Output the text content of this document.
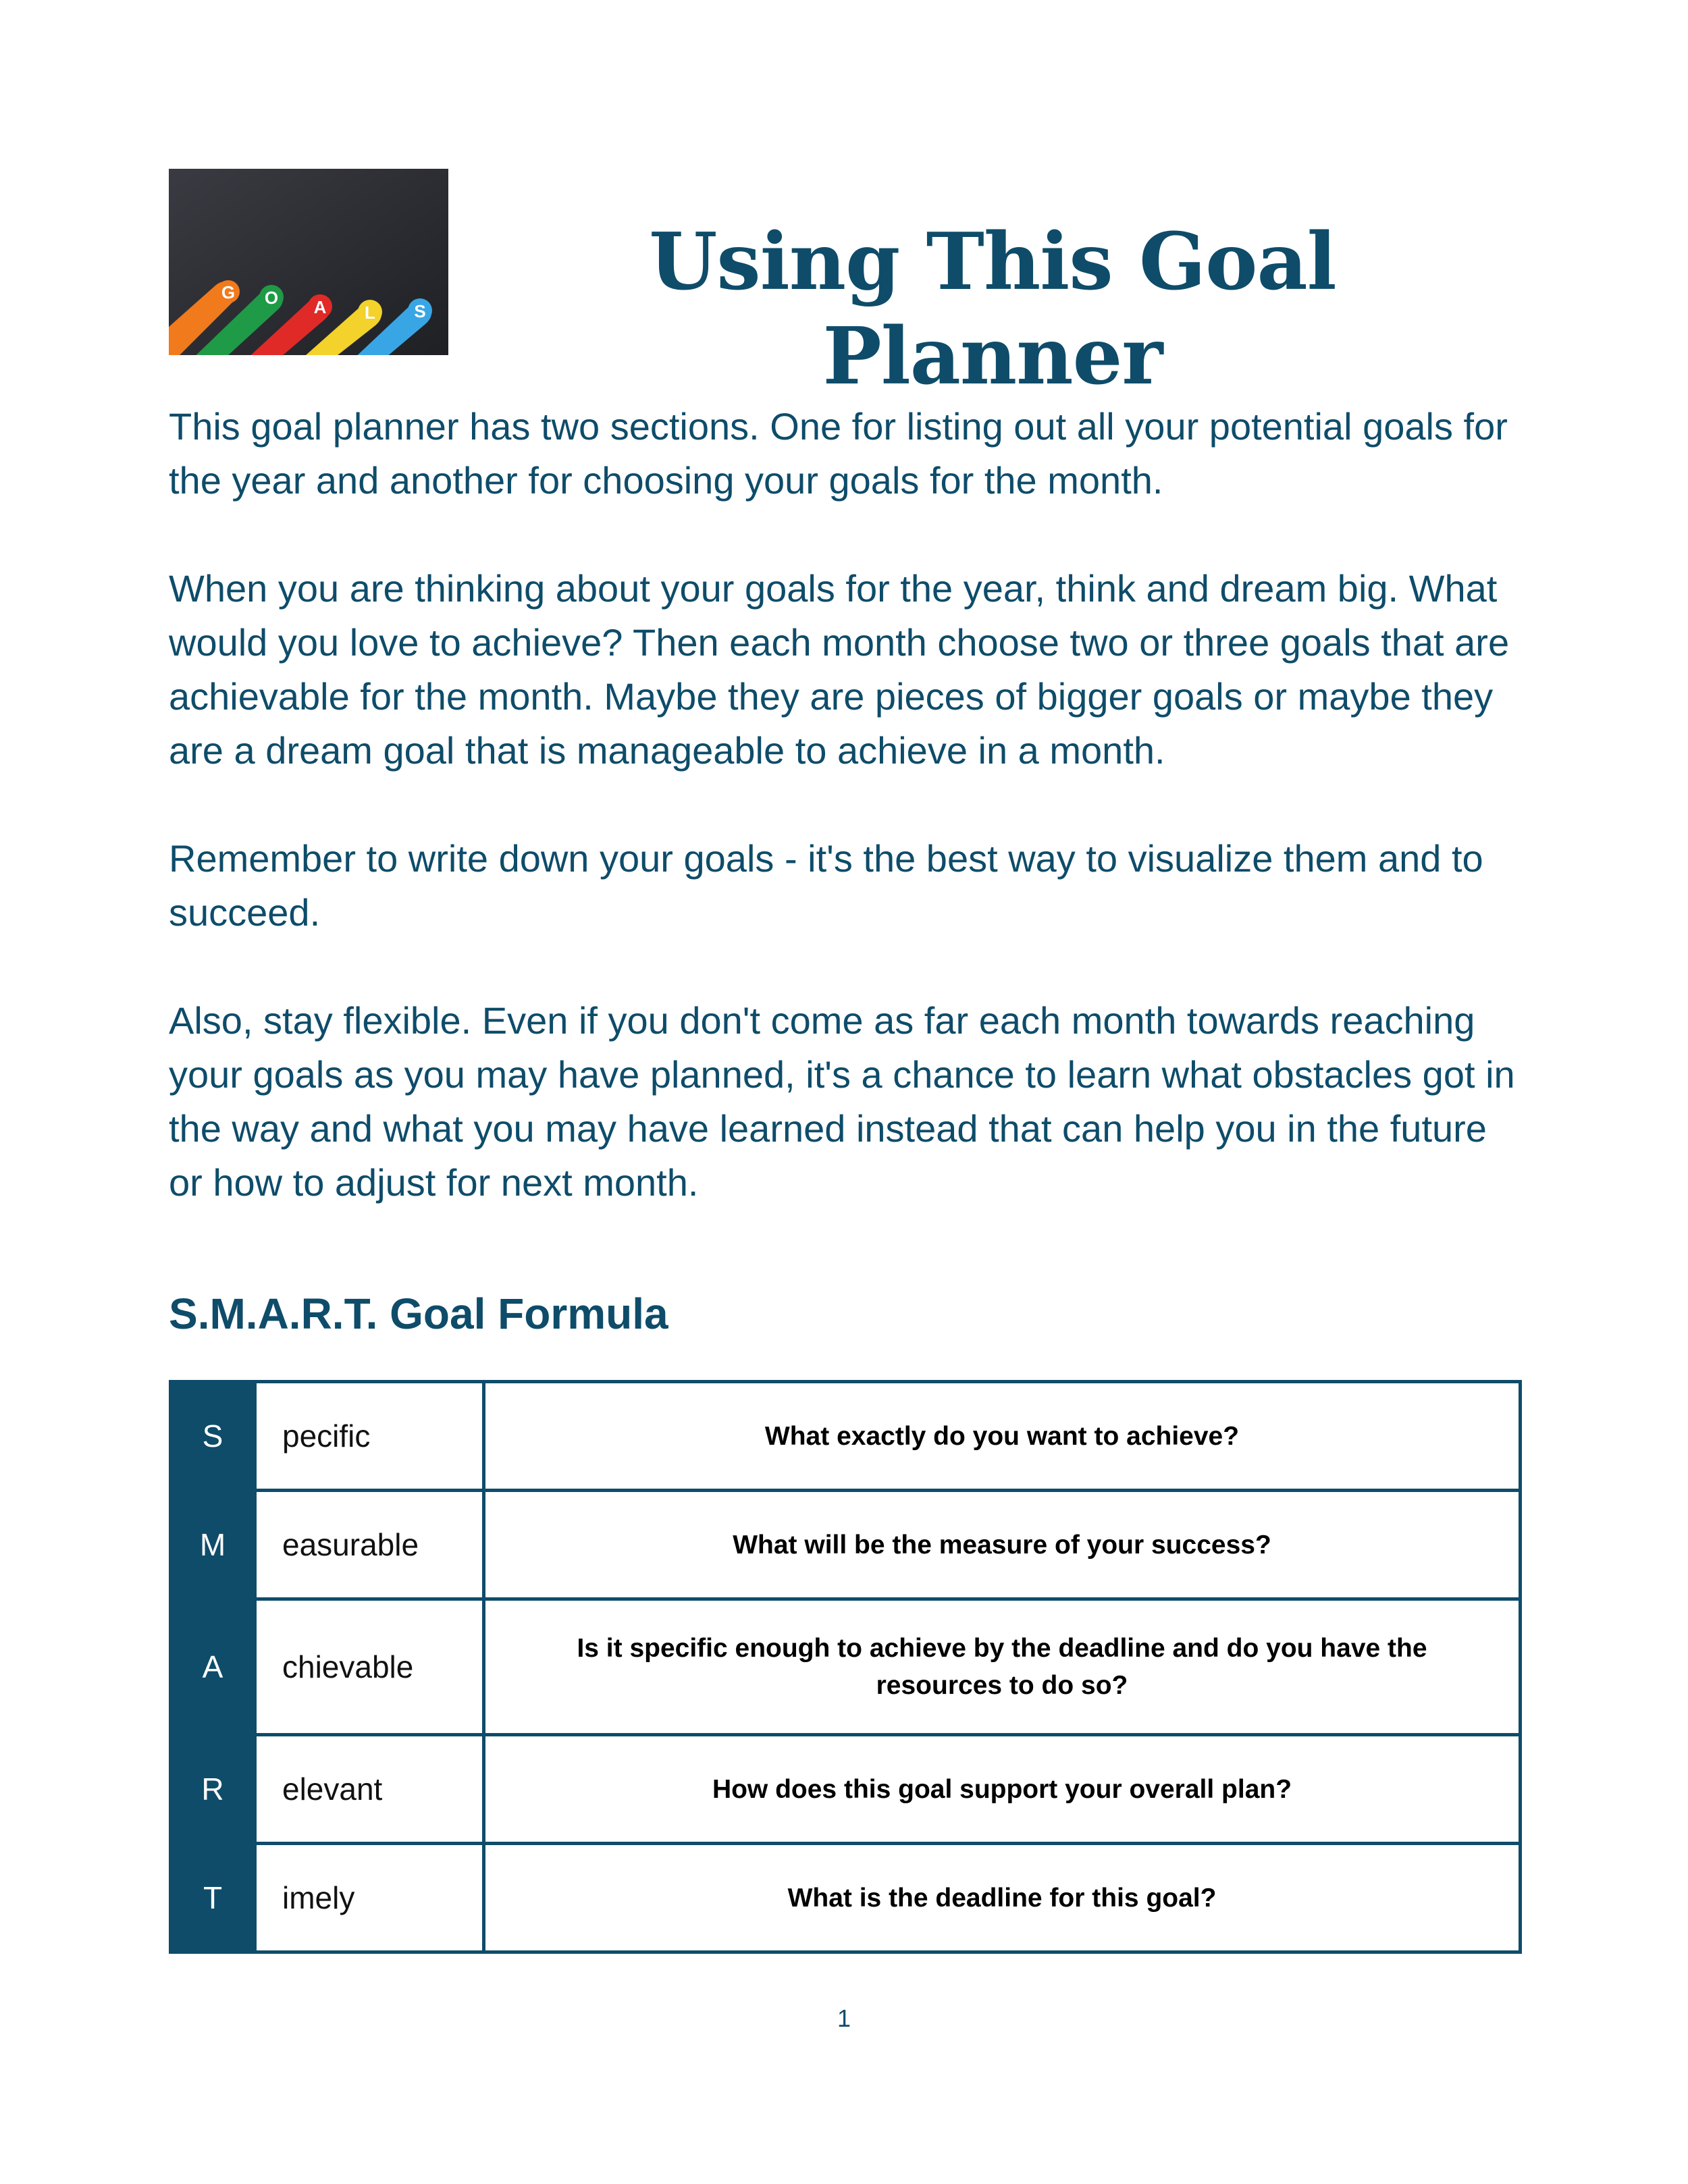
G O A L S
Using This Goal Planner

This goal planner has two sections. One for listing out all your potential goals for the year and another for choosing your goals for the month.

When you are thinking about your goals for the year, think and dream big. What would you love to achieve? Then each month choose two or three goals that are achievable for the month. Maybe they are pieces of bigger goals or maybe they are a dream goal that is manageable to achieve in a month.

Remember to write down your goals - it's the best way to visualize them and to succeed.

Also, stay flexible. Even if you don't come as far each month towards reaching your goals as you may have planned, it's a chance to learn what obstacles got in the way and what you may have learned instead that can help you in the future or how to adjust for next month.

S.M.A.R.T. Goal Formula
S	pecific	What exactly do you want to achieve?
M	easurable	What will be the measure of your success?
A	chievable	Is it specific enough to achieve by the deadline and do you have the resources to do so?
R	elevant	How does this goal support your overall plan?
T	imely	What is the deadline for this goal?
1
